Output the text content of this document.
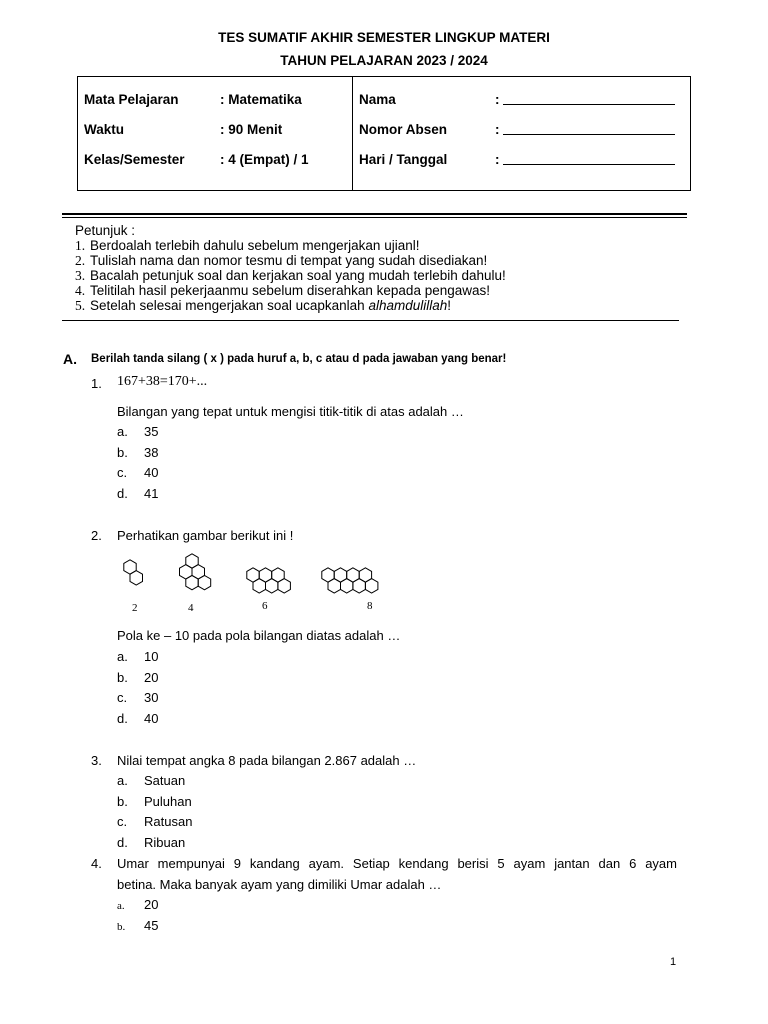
TES SUMATIF AKHIR SEMESTER LINGKUP MATERI
TAHUN PELAJARAN 2023 / 2024
Mata Pelajaran	: Matematika
Waktu	: 90 Menit
Kelas/Semester	: 4 (Empat) / 1
Nama	:
Nomor Absen	:
Hari / Tanggal	:
Petunjuk :
1. Berdoalah terlebih dahulu sebelum mengerjakan ujianl!
2. Tulislah nama dan nomor tesmu di tempat yang sudah disediakan!
3. Bacalah petunjuk soal dan kerjakan soal yang mudah terlebih dahulu!
4. Telitilah hasil pekerjaanmu sebelum diserahkan kepada pengawas!
5. Setelah selesai mengerjakan soal ucapkanlah alhamdulillah!
A. Berilah tanda silang ( x ) pada huruf a, b, c atau d pada jawaban yang benar!
1. 167+38=170+...
Bilangan yang tepat untuk mengisi titik-titik di atas adalah …
a. 35
b. 38
c. 40
d. 41
2. Perhatikan gambar berikut ini !
2	4	6	8
Pola ke – 10 pada pola bilangan diatas adalah …
a. 10
b. 20
c. 30
d. 40
3. Nilai tempat angka 8 pada bilangan 2.867 adalah …
a. Satuan
b. Puluhan
c. Ratusan
d. Ribuan
4. Umar mempunyai 9 kandang ayam. Setiap kendang berisi 5 ayam jantan dan 6 ayam
betina. Maka banyak ayam yang dimiliki Umar adalah …
a. 20
b. 45
1
